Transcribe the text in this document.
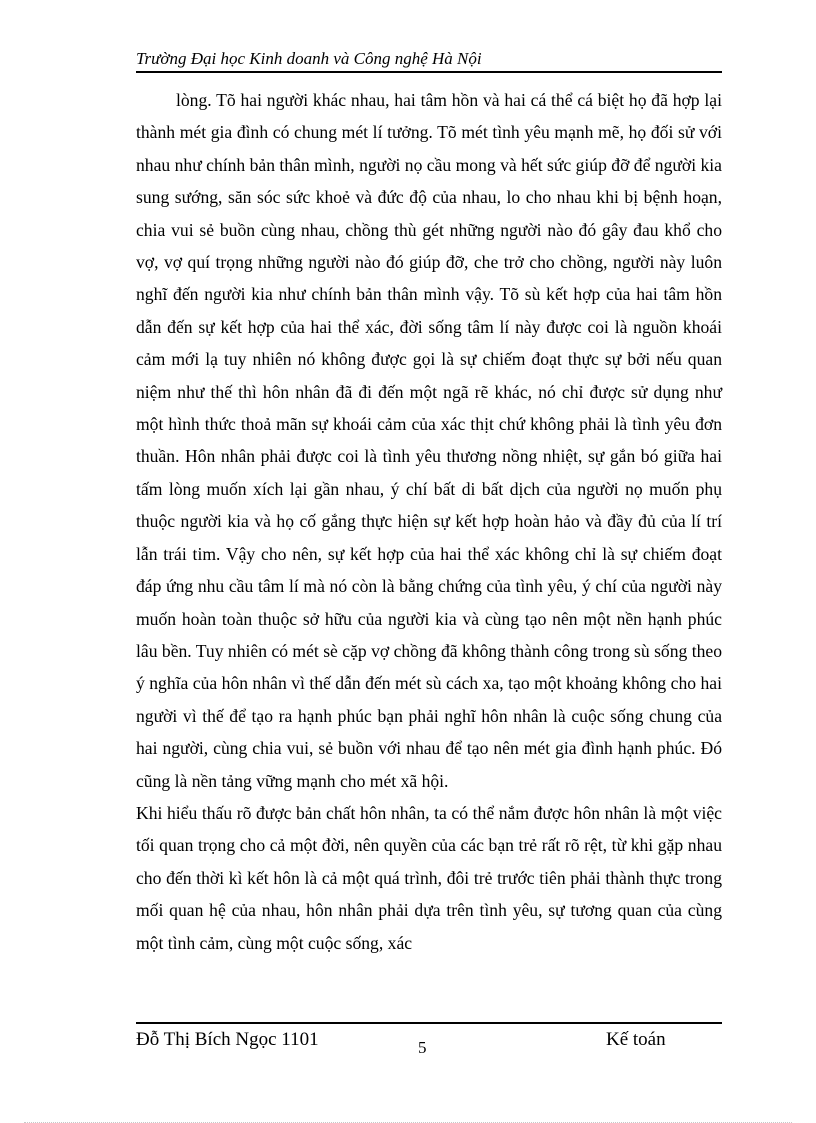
Trường Đại học Kinh doanh và Công nghệ Hà Nội

lòng. Tõ hai người khác nhau, hai tâm hồn và hai cá thể cá biệt họ đã hợp lại thành mét gia đình có chung mét lí tưởng. Tõ mét tình yêu mạnh mẽ, họ đối sử với nhau như chính bản thân mình, người nọ cầu mong và hết sức giúp đỡ để người kia sung sướng, săn sóc sức khoẻ và đức độ của nhau, lo cho nhau khi bị bệnh hoạn, chia vui sẻ buồn cùng nhau, chồng thù gét những người nào đó gây đau khổ cho vợ, vợ quí trọng những người nào đó giúp đỡ, che trở cho chồng, người này luôn nghĩ đến người kia như chính bản thân mình vậy. Tõ sù kết hợp của hai tâm hồn dẫn đến sự kết hợp của hai thể xác, đời sống tâm lí này được coi là nguồn khoái cảm mới lạ tuy nhiên nó không được gọi là sự chiếm đoạt thực sự bởi nếu quan niệm như thế thì hôn nhân đã đi đến một ngã rẽ khác, nó chỉ được sử dụng như một hình thức thoả mãn sự khoái cảm của xác thịt chứ không phải là tình yêu đơn thuần. Hôn nhân phải được coi là tình yêu thương nồng nhiệt, sự gắn bó giữa hai tấm lòng muốn xích lại gần nhau, ý chí bất di bất dịch của người nọ muốn phụ thuộc người kia và họ cố gắng thực hiện sự kết hợp hoàn hảo và đầy đủ của lí trí lẫn trái tim. Vậy cho nên, sự kết hợp của hai thể xác không chỉ là sự chiếm đoạt đáp ứng nhu cầu tâm lí mà nó còn là bằng chứng của tình yêu, ý chí của người này muốn hoàn toàn thuộc sở hữu của người kia và cùng tạo nên một nền hạnh phúc lâu bền. Tuy nhiên có mét sè cặp vợ chồng đã không thành công trong sù sống theo ý nghĩa của hôn nhân vì thế dẫn đến mét sù cách xa, tạo một khoảng không cho hai người vì thế để tạo ra hạnh phúc bạn phải nghĩ hôn nhân là cuộc sống chung của hai người, cùng chia vui, sẻ buồn với nhau để tạo nên mét gia đình hạnh phúc. Đó cũng là nền tảng vững mạnh cho mét xã hội.

Khi hiểu thấu rõ được bản chất hôn nhân, ta có thể nắm được hôn nhân là một việc tối quan trọng cho cả một đời, nên quyền của các bạn trẻ rất rõ rệt, từ khi gặp nhau cho đến thời kì kết hôn là cả một quá trình, đôi trẻ trước tiên phải thành thực trong mối quan hệ của nhau, hôn nhân phải dựa trên tình yêu, sự tương quan của cùng một tình cảm, cùng một cuộc sống, xác

Đỗ Thị Bích Ngọc 1101	5	Kế toán
